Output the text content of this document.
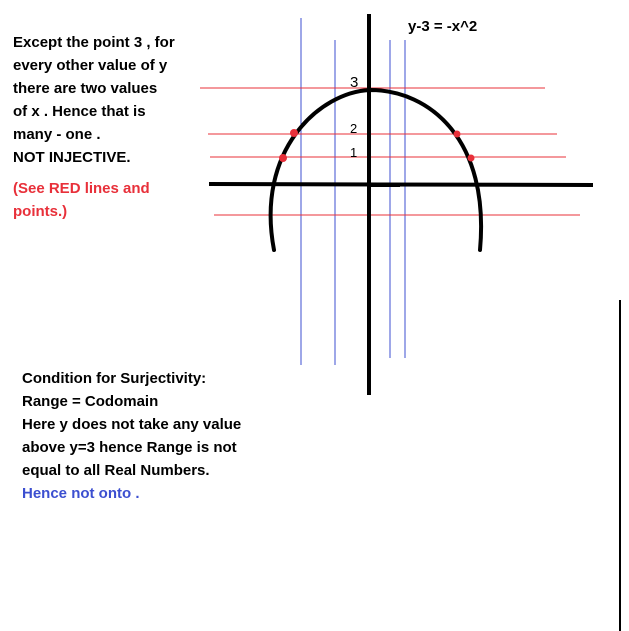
Except the point 3 , for
every other value of y
there are two values
of x . Hence that is
many - one .
NOT INJECTIVE.
(See RED lines and
points.)
Condition for Surjectivity:
Range = Codomain
Here y does not take any value
above y=3 hence Range is not
equal to all Real Numbers.
Hence not onto .
3
2
1
y-3 = -x^2
